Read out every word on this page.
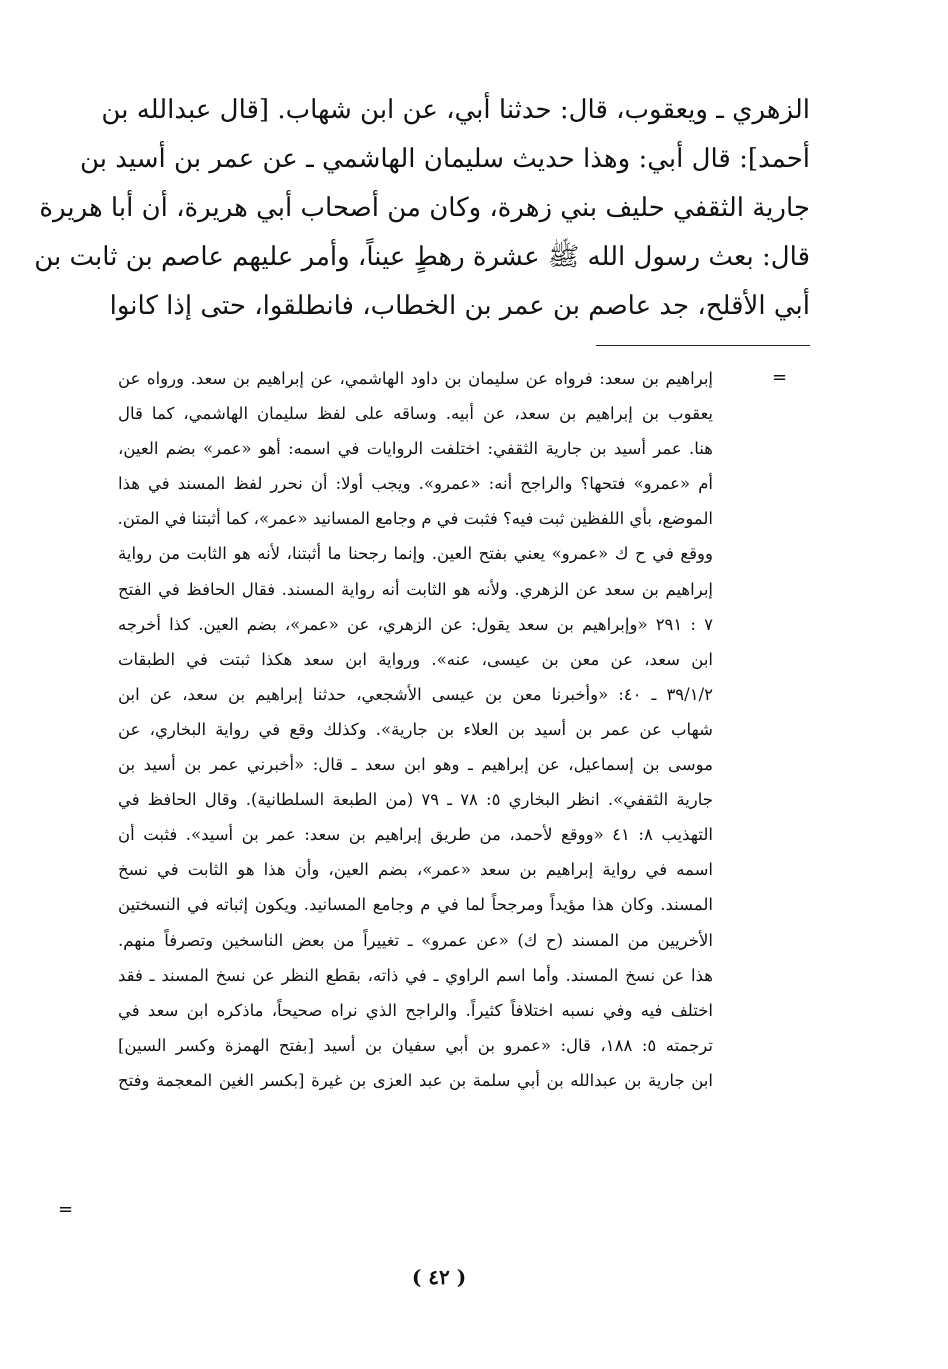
الزهري ـ ويعقوب، قال: حدثنا أبي، عن ابن شهاب. [قال عبدالله بن
أحمد]: قال أبي: وهذا حديث سليمان الهاشمي ـ عن عمر بن أسيد بن
جارية الثقفي حليف بني زهرة، وكان من أصحاب أبي هريرة، أن أبا هريرة
قال: بعث رسول الله ﷺ عشرة رهطٍ عيناً، وأمر عليهم عاصم بن ثابت بن
أبي الأقلح، جد عاصم بن عمر بن الخطاب، فانطلقوا، حتى إذا كانوا
=
إبراهيم بن سعد: فرواه عن سليمان بن داود الهاشمي، عن إبراهيم بن سعد. ورواه عن
يعقوب بن إبراهيم بن سعد، عن أبيه. وساقه على لفظ سليمان الهاشمي، كما قال
هنا. عمر أسيد بن جارية الثقفي: اختلفت الروايات في اسمه: أهو «عمر» بضم العين،
أم «عمرو» فتحها؟ والراجح أنه: «عمرو». ويجب أولا: أن نحرر لفظ المسند في هذا
الموضع، بأي اللفظين ثبت فيه؟ فثبت في م وجامع المسانيد «عمر»، كما أثبتنا في المتن.
ووقع في ح ك «عمرو» يعني بفتح العين. وإنما رجحنا ما أثبتنا، لأنه هو الثابت من رواية
إبراهيم بن سعد عن الزهري. ولأنه هو الثابت أنه رواية المسند. فقال الحافظ في الفتح
٧ : ٢٩١ «وإبراهيم بن سعد يقول: عن الزهري، عن «عمر»، بضم العين. كذا أخرجه
ابن سعد، عن معن بن عيسى، عنه». ورواية ابن سعد هكذا ثبتت في الطبقات
٣٩/١/٢ ـ ٤٠: «وأخبرنا معن بن عيسى الأشجعي، حدثنا إبراهيم بن سعد، عن ابن
شهاب عن عمر بن أسيد بن العلاء بن جارية». وكذلك وقع في رواية البخاري، عن
موسى بن إسماعيل، عن إبراهيم ـ وهو ابن سعد ـ قال: «أخبرني عمر بن أسيد بن
جارية الثقفي». انظر البخاري ٥: ٧٨ ـ ٧٩ (من الطبعة السلطانية). وقال الحافظ في
التهذيب ٨: ٤١ «ووقع لأحمد، من طريق إبراهيم بن سعد: عمر بن أسيد». فثبت أن
اسمه في رواية إبراهيم بن سعد «عمر»، بضم العين، وأن هذا هو الثابت في نسخ
المسند. وكان هذا مؤيداً ومرجحاً لما في م وجامع المسانيد. ويكون إثباته في النسختين
الأخريين من المسند (ح ك) «عن عمرو» ـ تغييراً من بعض الناسخين وتصرفاً منهم.
هذا عن نسخ المسند. وأما اسم الراوي ـ في ذاته، بقطع النظر عن نسخ المسند ـ فقد
اختلف فيه وفي نسبه اختلافاً كثيراً. والراجح الذي نراه صحيحاً، ماذكره ابن سعد في
ترجمته ٥: ١٨٨، قال: «عمرو بن أبي سفيان بن أسيد [بفتح الهمزة وكسر السين]
ابن جارية بن عبدالله بن أبي سلمة بن عبد العزى بن غيرة [بكسر الغين المعجمة وفتح
=
( ٤٢ )
